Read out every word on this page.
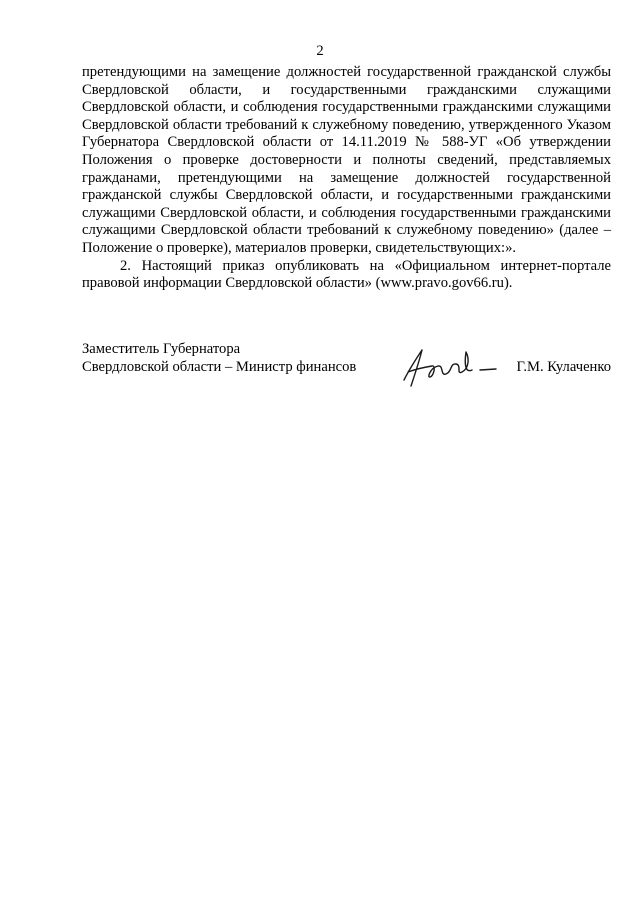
2

претендующими на замещение должностей государственной гражданской службы Свердловской области, и государственными гражданскими служащими Свердловской области, и соблюдения государственными гражданскими служащими Свердловской области требований к служебному поведению, утвержденного Указом Губернатора Свердловской области от 14.11.2019 № 588-УГ «Об утверждении Положения о проверке достоверности и полноты сведений, представляемых гражданами, претендующими на замещение должностей государственной гражданской службы Свердловской области, и государственными гражданскими служащими Свердловской области, и соблюдения государственными гражданскими служащими Свердловской области требований к служебному поведению» (далее – Положение о проверке), материалов проверки, свидетельствующих:».

2. Настоящий приказ опубликовать на «Официальном интернет-портале правовой информации Свердловской области» (www.pravo.gov66.ru).

Заместитель Губернатора
Свердловской области – Министр финансов	Г.М. Кулаченко
